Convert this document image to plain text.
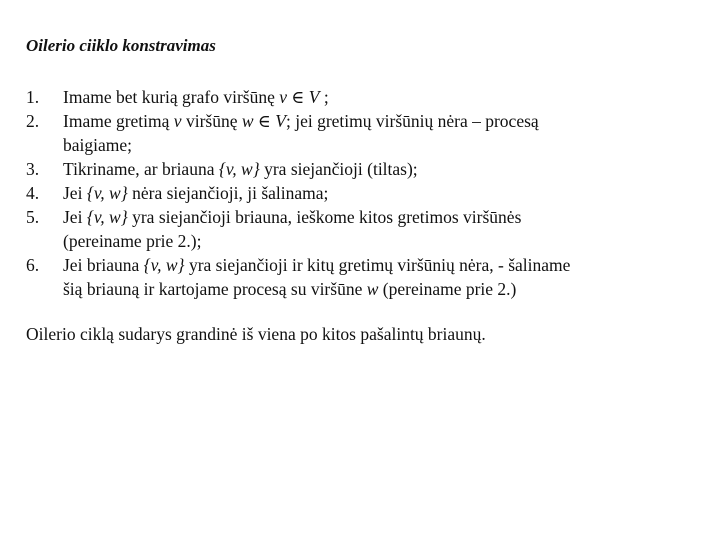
Oilerio ciiklo konstravimas
1.	Imame bet kurią grafo viršūnę v ∈ V ;
2.	Imame gretimą v viršūnę w ∈ V; jei gretimų viršūnių nėra – procesą
baigiame;
3.	Tikriname, ar briauna {v, w} yra siejančioji (tiltas);
4.	Jei {v, w} nėra siejančioji, ji šalinama;
5.	Jei {v, w} yra siejančioji briauna, ieškome kitos gretimos viršūnės
(pereiname prie 2.);
6.	Jei briauna {v, w} yra siejančioji ir kitų gretimų viršūnių nėra, - šaliname
šią briauną ir kartojame procesą su viršūne w (pereiname prie 2.)
Oilerio ciklą sudarys grandinė iš viena po kitos pašalintų briaunų.
